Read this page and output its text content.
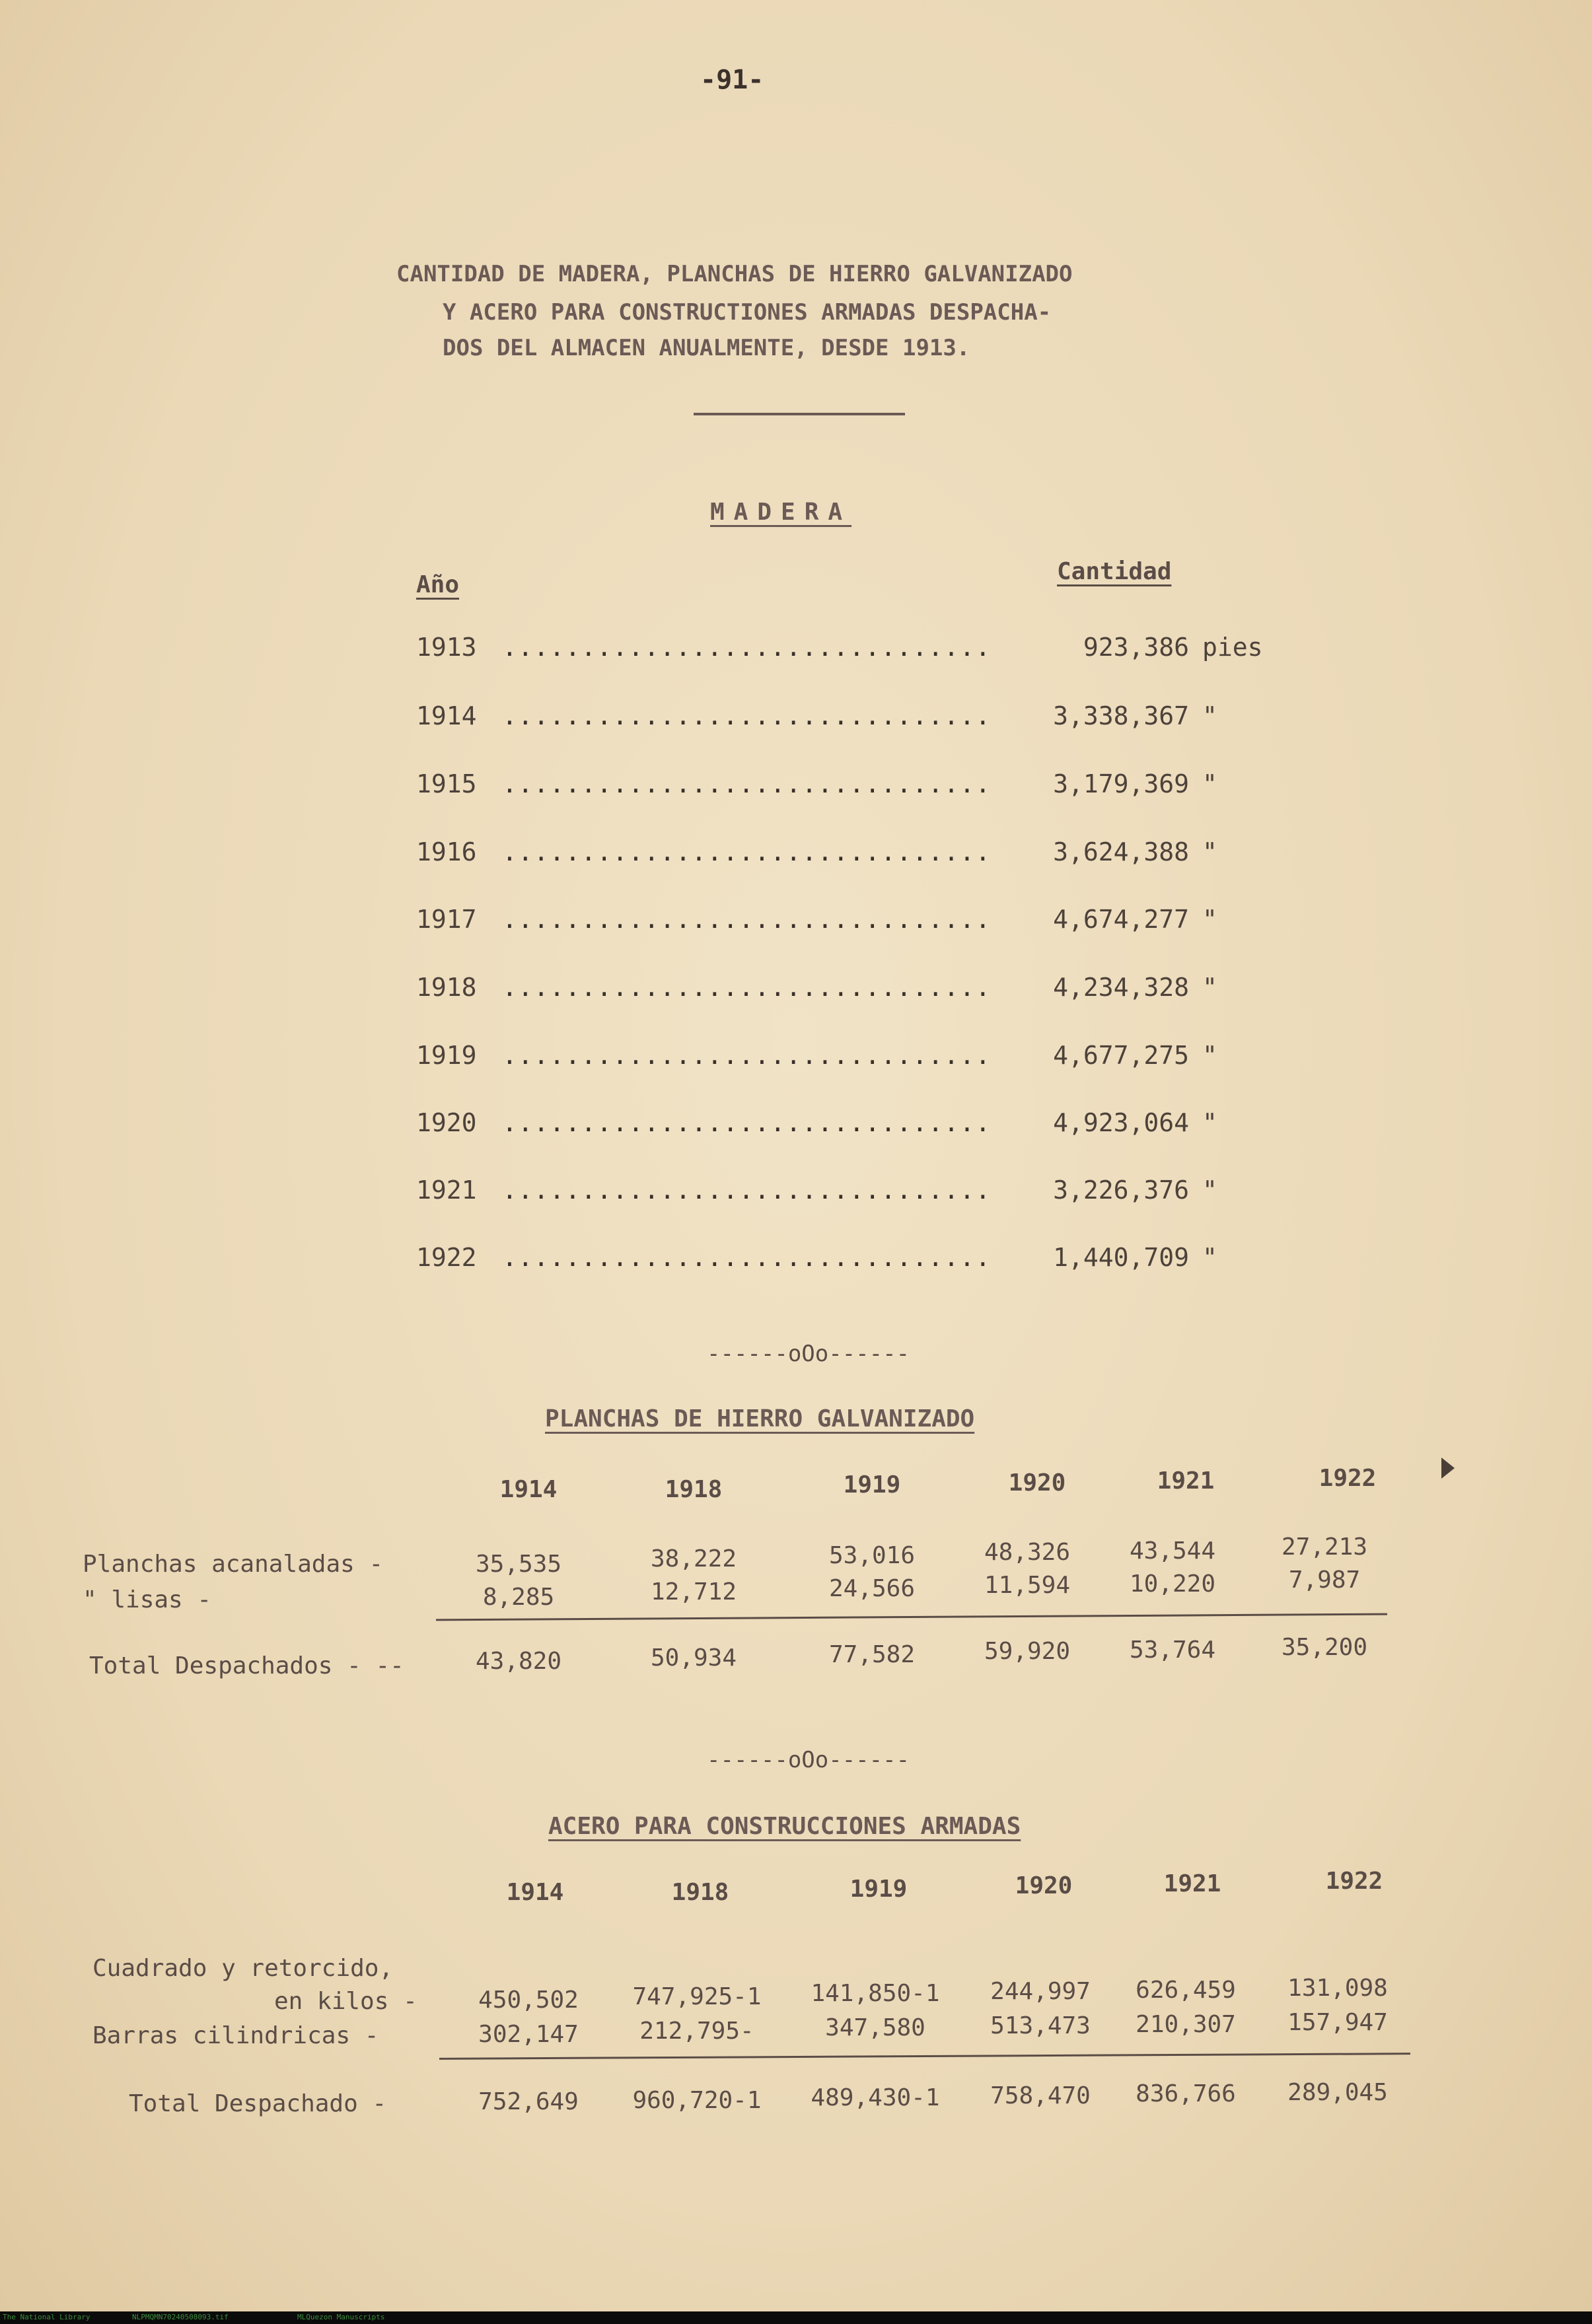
-91-
CANTIDAD DE MADERA, PLANCHAS DE HIERRO GALVANIZADO
Y ACERO PARA CONSTRUCTIONES ARMADAS DESPACHA-
DOS DEL ALMACEN ANUALMENTE, DESDE 1913.
MADERA
Año	Cantidad
1913 ...............................	923,386 pies
1914 ...............................	3,338,367 "
1915 ...............................	3,179,369 "
1916 ...............................	3,624,388 "
1917 ...............................	4,674,277 "
1918 ...............................	4,234,328 "
1919 ...............................	4,677,275 "
1920 ...............................	4,923,064 "
1921 ...............................	3,226,376 "
1922 ...............................	1,440,709 "
------oOo------
PLANCHAS DE HIERRO GALVANIZADO
1914	1918	1919	1920	1921	1922
Planchas acanaladas -	35,535	38,222	53,016	48,326	43,544	27,213
" lisas -	8,285	12,712	24,566	11,594	10,220	7,987
Total Despachados - --	43,820	50,934	77,582	59,920	53,764	35,200
------oOo------
ACERO PARA CONSTRUCCIONES ARMADAS
1914	1918	1919	1920	1921	1922
Cuadrado y retorcido,
en kilos -	450,502	747,925-1	141,850-1	244,997	626,459	131,098
Barras cilindricas -	302,147	212,795-	347,580	513,473	210,307	157,947
Total Despachado -	752,649	960,720-1	489,430-1	758,470	836,766	289,045
The National Library	NLPMQMN70240508093.tif	MLQuezon Manuscripts
